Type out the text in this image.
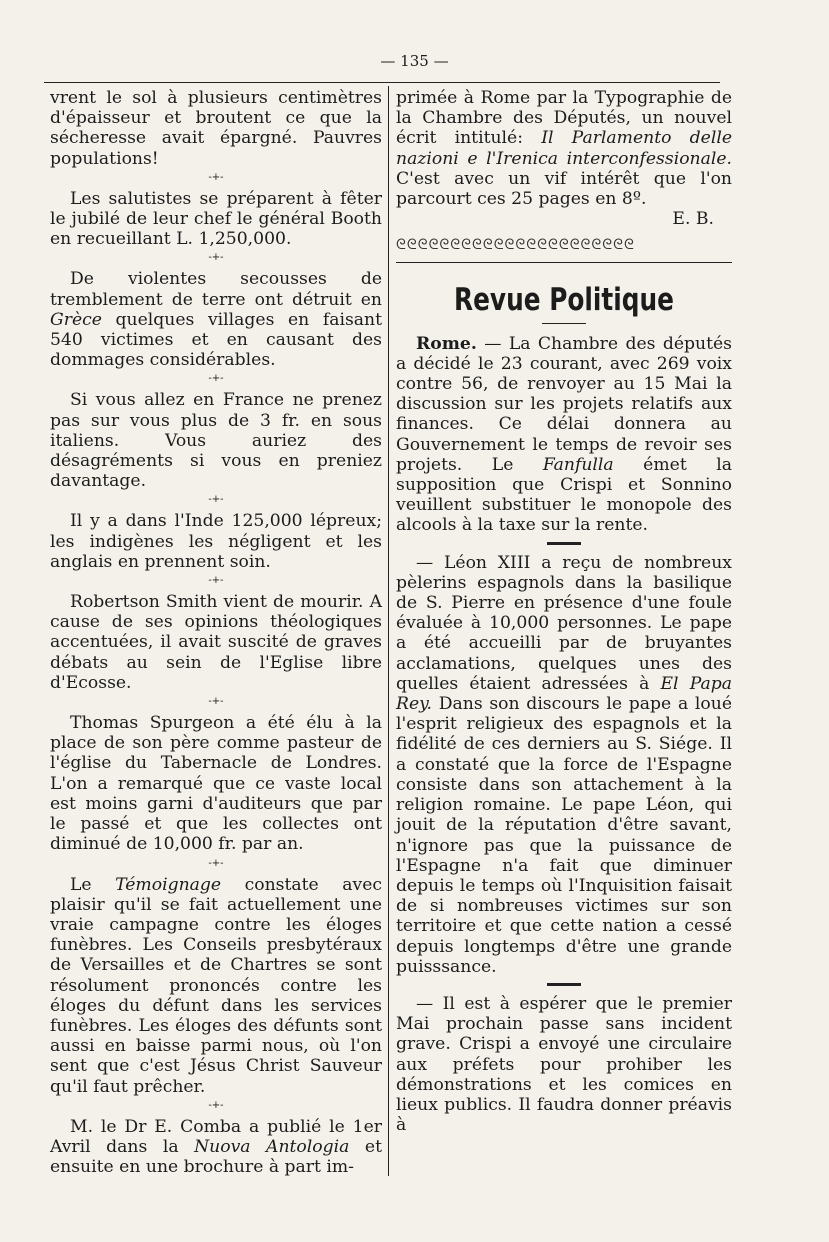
— 135 —

vrent le sol à plusieurs centimètres d'épaisseur et broutent ce que la sécheresse avait épargné. Pauvres populations!

-+-

Les salutistes se préparent à fêter le jubilé de leur chef le général Booth en recueillant L. 1,250,000.

-+-

De violentes secousses de tremblement de terre ont détruit en Grèce quelques villages en faisant 540 victimes et en causant des dommages considérables.

-+-

Si vous allez en France ne prenez pas sur vous plus de 3 fr. en sous italiens. Vous auriez des désagréments si vous en preniez davantage.

-+-

Il y a dans l'Inde 125,000 lépreux; les indigènes les négligent et les anglais en prennent soin.

-+-

Robertson Smith vient de mourir. A cause de ses opinions théologiques accentuées, il avait suscité de graves débats au sein de l'Eglise libre d'Ecosse.

-+-

Thomas Spurgeon a été élu à la place de son père comme pasteur de l'église du Tabernacle de Londres. L'on a remarqué que ce vaste local est moins garni d'auditeurs que par le passé et que les collectes ont diminué de 10,000 fr. par an.

-+-

Le Témoignage constate avec plaisir qu'il se fait actuellement une vraie campagne contre les éloges funèbres. Les Conseils presbytéraux de Versailles et de Chartres se sont résolument prononcés contre les éloges du défunt dans les services funèbres. Les éloges des défunts sont aussi en baisse parmi nous, où l'on sent que c'est Jésus Christ Sauveur qu'il faut prêcher.

-+-

M. le Dr E. Comba a publié le 1er Avril dans la Nuova Antologia et ensuite en une brochure à part im-

primée à Rome par la Typographie de la Chambre des Députés, un nouvel écrit intitulé: Il Parlamento delle nazioni e l'Irenica interconfessionale. C'est avec un vif intérêt que l'on parcourt ces 25 pages en 8º.

E. B.

ᘓᘓᘓᘓᘓᘓᘓᘓᘓᘓᘓᘓᘓᘓᘓᘓᘓᘓᘓᘓᘓᘓ
Revue Politique

Rome. — La Chambre des députés a décidé le 23 courant, avec 269 voix contre 56, de renvoyer au 15 Mai la discussion sur les projets relatifs aux finances. Ce délai donnera au Gouvernement le temps de revoir ses projets. Le Fanfulla émet la supposition que Crispi et Sonnino veuillent substituer le monopole des alcools à la taxe sur la rente.

— Léon XIII a reçu de nombreux pèlerins espagnols dans la basilique de S. Pierre en présence d'une foule évaluée à 10,000 personnes. Le pape a été accueilli par de bruyantes acclamations, quelques unes des quelles étaient adressées à El Papa Rey. Dans son discours le pape a loué l'esprit religieux des espagnols et la fidélité de ces derniers au S. Siége. Il a constaté que la force de l'Espagne consiste dans son attachement à la religion romaine. Le pape Léon, qui jouit de la réputation d'être savant, n'ignore pas que la puissance de l'Espagne n'a fait que diminuer depuis le temps où l'Inquisition faisait de si nombreuses victimes sur son territoire et que cette nation a cessé depuis longtemps d'être une grande puisssance.

— Il est à espérer que le premier Mai prochain passe sans incident grave. Crispi a envoyé une circulaire aux préfets pour prohiber les démonstrations et les comices en lieux publics. Il faudra donner préavis à
